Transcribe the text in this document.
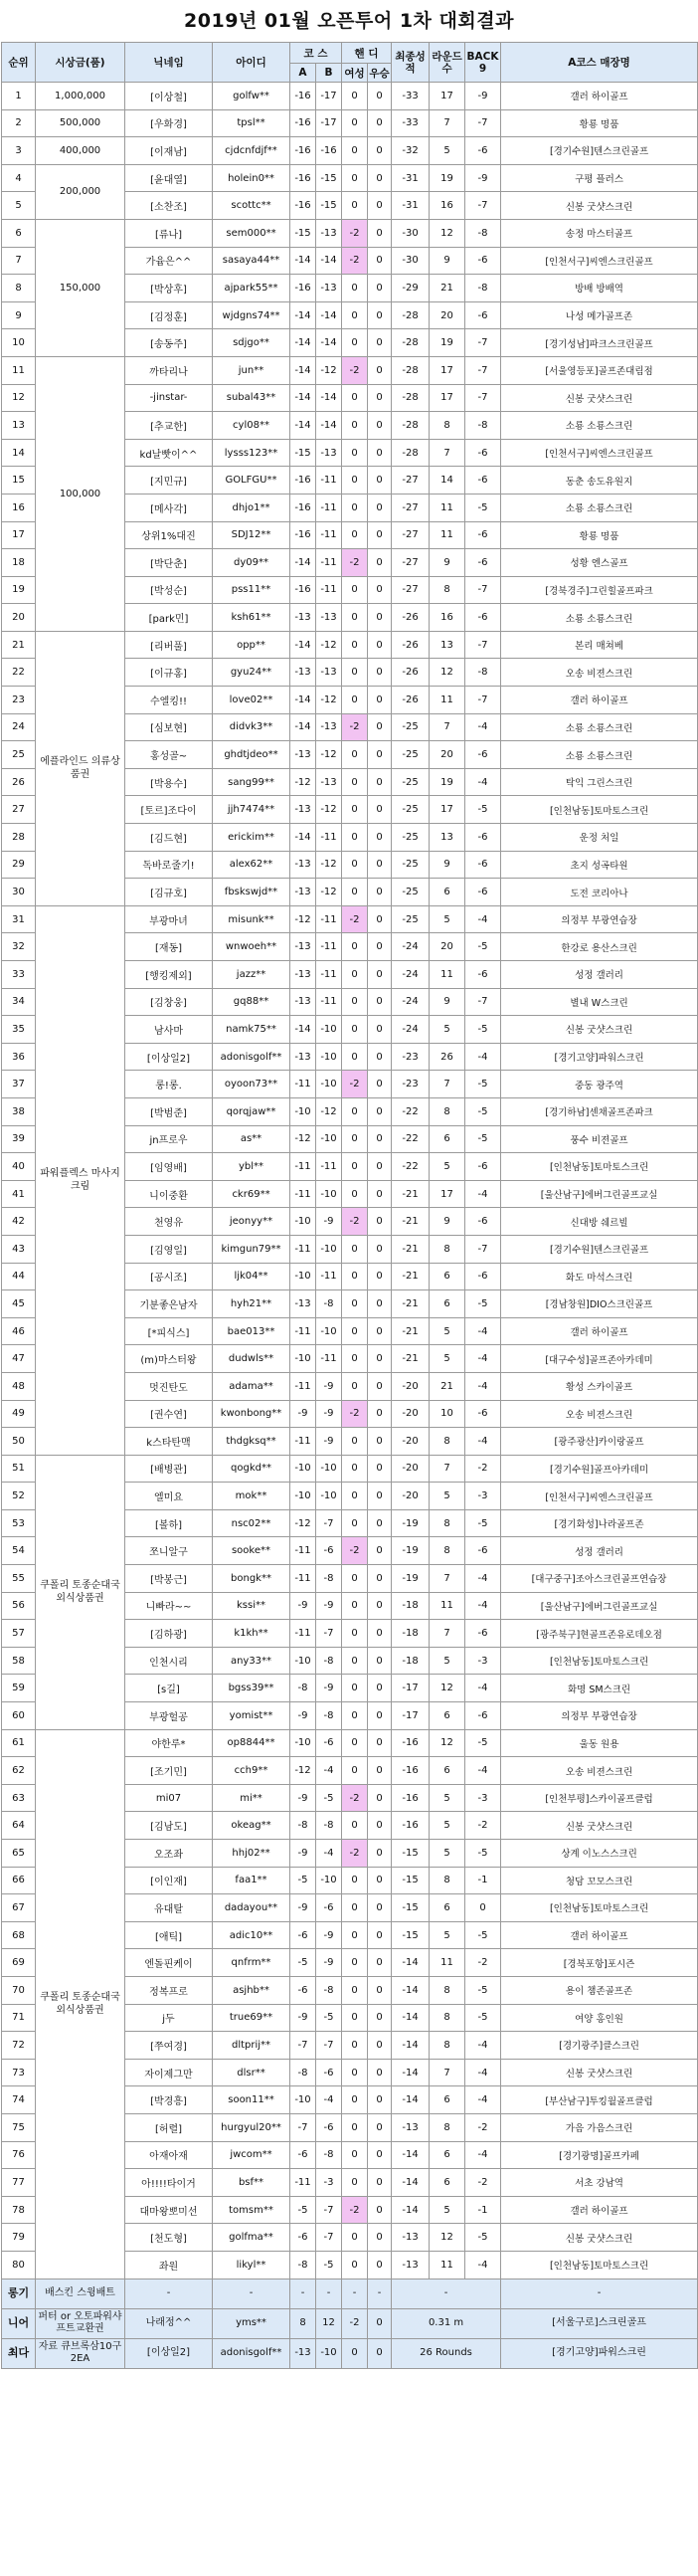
2019년 01월 오픈투어 1차 대회결과
순위	시상금(품)	닉네임	아이디	코 스		핸 디		최종성적	라운드수	BACK 9	A코스 매장명
				A	B	여성	우승				
1	1,000,000	[이상철]	golfw**	-16	-17	0	0	-33	17	-9	갤러 하이골프
2	500,000	[우화경]	tpsl**	-16	-17	0	0	-33	7	-7	황룡 명품
3	400,000	[이재남]	cjdcnfdjf**	-16	-16	0	0	-32	5	-6	[경기수원]텐스크린골프
4	200,000	[윤대열]	holein0**	-16	-15	0	0	-31	19	-9	구평 플러스
5		[소찬조]	scottc**	-16	-15	0	0	-31	16	-7	신봉 굿샷스크린
6	150,000	[류나]	sem000**	-15	-13	-2	0	-30	12	-8	송정 마스터골프
7		가윰은^^	sasaya44**	-14	-14	-2	0	-30	9	-6	[인천서구]씨엔스크린골프
8		[박상후]	ajpark55**	-16	-13	0	0	-29	21	-8	방배 방배역
9		[김정훈]	wjdgns74**	-14	-14	0	0	-28	20	-6	나성 메가골프존
10		[송동주]	sdjgo**	-14	-14	0	0	-28	19	-7	[경기성남]파크스크린골프
11	100,000	까타리나	jun**	-14	-12	-2	0	-28	17	-7	[서울영등포]골프존대림점
12		-jinstar-	subal43**	-14	-14	0	0	-28	17	-7	신봉 굿샷스크린
13		[추교한]	cyl08**	-14	-14	0	0	-28	8	-8	소룡 소룡스크린
14		kd날빳이^^	lysss123**	-15	-13	0	0	-28	7	-6	[인천서구]씨엔스크린골프
15		[지민규]	GOLFGU**	-16	-11	0	0	-27	14	-6	동춘 송도유원지
16		[메사각]	dhjo1**	-16	-11	0	0	-27	11	-5	소룡 소룡스크린
17		상위1%대진	SDJ12**	-16	-11	0	0	-27	11	-6	황룡 명품
18		[박단춘]	dy09**	-14	-11	-2	0	-27	9	-6	성황 엔스골프
19		[박성순]	pss11**	-16	-11	0	0	-27	8	-7	[경북경주]그린힐골프파크
20		[park민]	ksh61**	-13	-13	0	0	-26	16	-6	소룡 소룡스크린
21	에플라인드 의류상품권	[리버풀]	opp**	-14	-12	0	0	-26	13	-7	본리 매쳐베
22		[이규홍]	gyu24**	-13	-13	0	0	-26	12	-8	오송 비젼스크린
23		수엘킹!!	love02**	-14	-12	0	0	-26	11	-7	갤러 하이골프
24		[심보현]	didvk3**	-14	-13	-2	0	-25	7	-4	소룡 소룡스크린
25		홍성골~	ghdtjdeo**	-13	-12	0	0	-25	20	-6	소룡 소룡스크린
26		[박용수]	sang99**	-12	-13	0	0	-25	19	-4	탁익 그린스크린
27		[토르]조다이	jjh7474**	-13	-12	0	0	-25	17	-5	[인천남동]토마토스크린
28		[김드현]	erickim**	-14	-11	0	0	-25	13	-6	운정 처일
29		독바로줄기!	alex62**	-13	-12	0	0	-25	9	-6	초지 성곡타원
30		[김규호]	fbskswjd**	-13	-12	0	0	-25	6	-6	도전 코리아나
31	파워플렉스 마사지크림	부광마녀	misunk**	-12	-11	-2	0	-25	5	-4	의정부 부광연습장
32		[재동]	wnwoeh**	-13	-11	0	0	-24	20	-5	한강로 용산스크린
33		[행킹제외]	jazz**	-13	-11	0	0	-24	11	-6	성정 갤러리
34		[김창웅]	gq88**	-13	-11	0	0	-24	9	-7	별내 W스크린
35		남사마	namk75**	-14	-10	0	0	-24	5	-5	신봉 굿샷스크린
36		[이상일2]	adonisgolf**	-13	-10	0	0	-23	26	-4	[경기고양]파워스크린
37		롱!롱.	oyoon73**	-11	-10	-2	0	-23	7	-5	중동 광주역
38		[박범준]	qorqjaw**	-10	-12	0	0	-22	8	-5	[경기하남]센채골프존파크
39		jn프로우	as**	-12	-10	0	0	-22	6	-5	풍수 비젼골프
40		[임영배]	ybl**	-11	-11	0	0	-22	5	-6	[인천남동]토마토스크린
41		니이중환	ckr69**	-11	-10	0	0	-21	17	-4	[울산남구]에버그린골프교실
42		천영유	jeonyy**	-10	-9	-2	0	-21	9	-6	신대방 쉐르빌
43		[김영일]	kimgun79**	-11	-10	0	0	-21	8	-7	[경기수원]텐스크린골프
44		[공시조]	ljk04**	-10	-11	0	0	-21	6	-6	화도 마석스크린
45		기분좋은남자	hyh21**	-13	-8	0	0	-21	6	-5	[경남창원]DIO스크린골프
46		[*피식스]	bae013**	-11	-10	0	0	-21	5	-4	갤러 하이골프
47		(m)마스터왕	dudwls**	-10	-11	0	0	-21	5	-4	[대구수성]골프존아카데미
48		멋진탄도	adama**	-11	-9	0	0	-20	21	-4	황성 스카이골프
49		[권수연]	kwonbong**	-9	-9	-2	0	-20	10	-6	오송 비젼스크린
50		k스타탄맥	thdgksq**	-11	-9	0	0	-20	8	-4	[광주광산]카이랑골프
51	쿠폴리 토종순대국 외식상품권	[배병관]	qogkd**	-10	-10	0	0	-20	7	-2	[경기수원]골프아카데미
52		엘미요	mok**	-10	-10	0	0	-20	5	-3	[인천서구]씨엔스크린골프
53		[볼하]	nsc02**	-12	-7	0	0	-19	8	-5	[경기화성]나라골프존
54		쪼니알구	sooke**	-11	-6	-2	0	-19	8	-6	성정 갤러리
55		[박봉근]	bongk**	-11	-8	0	0	-19	7	-4	[대구중구]조아스크린골프연습장
56		니빠라~~	kssi**	-9	-9	0	0	-18	11	-4	[울산남구]에버그린골프교실
57		[김하광]	k1kh**	-11	-7	0	0	-18	7	-6	[광주북구]현골프존유로데오점
58		인천시리	any33**	-10	-8	0	0	-18	5	-3	[인천남동]토마토스크린
59		[s길]	bgss39**	-8	-9	0	0	-17	12	-4	화명 SM스크린
60		부광헐공	yomist**	-9	-8	0	0	-17	6	-6	의정부 부광연습장
61	쿠폴리 토종순대국 외식상품권	야한루*	op8844**	-10	-6	0	0	-16	12	-5	울동 원용
62		[조기민]	cch9**	-12	-4	0	0	-16	6	-4	오송 비젼스크린
63		mi07	mi**	-9	-5	-2	0	-16	5	-3	[인천부평]스카이골프클럽
64		[김남도]	okeag**	-8	-8	0	0	-16	5	-2	신봉 굿샷스크린
65		오조좌	hhj02**	-9	-4	-2	0	-15	5	-5	상계 이노스스크린
66		[이인재]	faa1**	-5	-10	0	0	-15	8	-1	청담 꼬모스크린
67		유대탈	dadayou**	-9	-6	0	0	-15	6	0	[인천남동]토마토스크린
68		[애틱]	adic10**	-6	-9	0	0	-15	5	-5	갤러 하이골프
69		엔돌핀케이	qnfrm**	-5	-9	0	0	-14	11	-2	[경북포항]포시즌
70		정복프로	asjhb**	-6	-8	0	0	-14	8	-5	용이 챔존골프존
71		j두	true69**	-9	-5	0	0	-14	8	-5	여양 홍인원
72		[쭈여경]	dltprij**	-7	-7	0	0	-14	8	-4	[경기광주]클스크린
73		자이제그만	dlsr**	-8	-6	0	0	-14	7	-4	신봉 굿샷스크린
74		[박경흥]	soon11**	-10	-4	0	0	-14	6	-4	[부산남구]투킹월골프클럽
75		[허렬]	hurgyul20**	-7	-6	0	0	-13	8	-2	가음 가음스크린
76		아재아재	jwcom**	-6	-8	0	0	-14	6	-4	[경기광명]골프카페
77		아!!!!타이거	bsf**	-11	-3	0	0	-14	6	-2	서초 강남역
78		대마왕뽀미선	tomsm**	-5	-7	-2	0	-14	5	-1	갤러 하이골프
79		[천도형]	golfma**	-6	-7	0	0	-13	12	-5	신봉 굿샷스크린
80		좌원	likyl**	-8	-5	0	0	-13	11	-4	[인천남동]토마토스크린
롱기	배스킨 스윙배트	-	-	-	-	-	-	-			-
니어	퍼터 or 오토파워샤프트교환권	나래정^^	yms**	8	12	-2	0	0.31 m			[서울구로]스크린골프
최다	자료 큐브록삼10구 2EA	[이상일2]	adonisgolf**	-13	-10	0	0	26 Rounds			[경기고양]파워스크린
